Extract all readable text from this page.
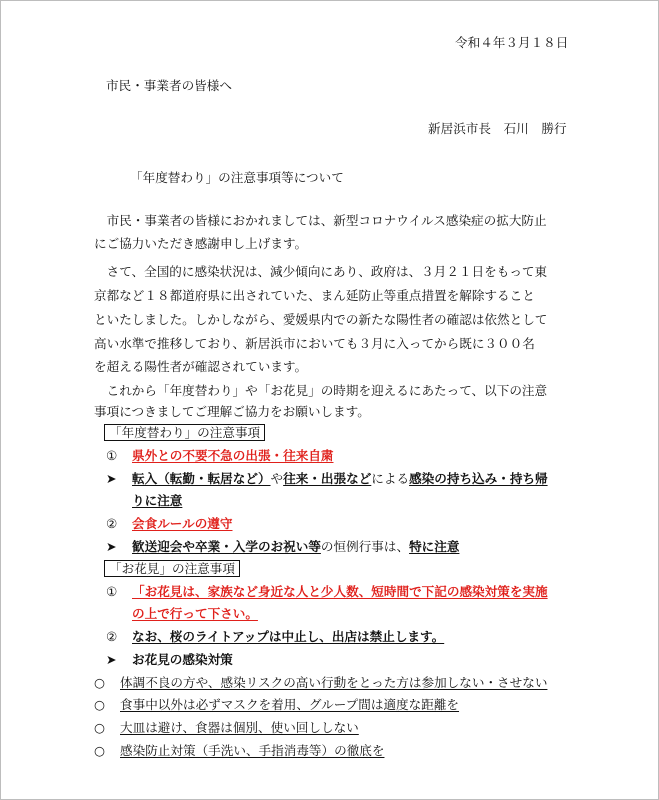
令和４年３月１８日
市民・事業者の皆様へ
新居浜市長　石川　勝行
「年度替わり」の注意事項等について
　市民・事業者の皆様におかれましては、新型コロナウイルス感染症の拡大防止
にご協力いただき感謝申し上げます。
　さて、全国的に感染状況は、減少傾向にあり、政府は、３月２１日をもって東
京都など１８都道府県に出されていた、まん延防止等重点措置を解除すること
といたしました。しかしながら、愛媛県内での新たな陽性者の確認は依然として
高い水準で推移しており、新居浜市においても３月に入ってから既に３００名
を超える陽性者が確認されています。
　これから「年度替わり」や「お花見」の時期を迎えるにあたって、以下の注意
事項につきましてご理解ご協力をお願いします。
「年度替わり」の注意事項
① 県外との不要不急の出張・往来自粛
➤ 転入（転勤・転居など）や往来・出張などによる感染の持ち込み・持ち帰
りに注意
② 会食ルールの遵守
➤ 歓送迎会や卒業・入学のお祝い等の恒例行事は、特に注意
「お花見」の注意事項
① 「お花見は、家族など身近な人と少人数、短時間で下記の感染対策を実施
の上で行って下さい。
② なお、桜のライトアップは中止し、出店は禁止します。
➤ お花見の感染対策
○ 体調不良の方や、感染リスクの高い行動をとった方は参加しない・させない
○ 食事中以外は必ずマスクを着用、グループ間は適度な距離を
○ 大皿は避け、食器は個別、使い回ししない
○ 感染防止対策（手洗い、手指消毒等）の徹底を
